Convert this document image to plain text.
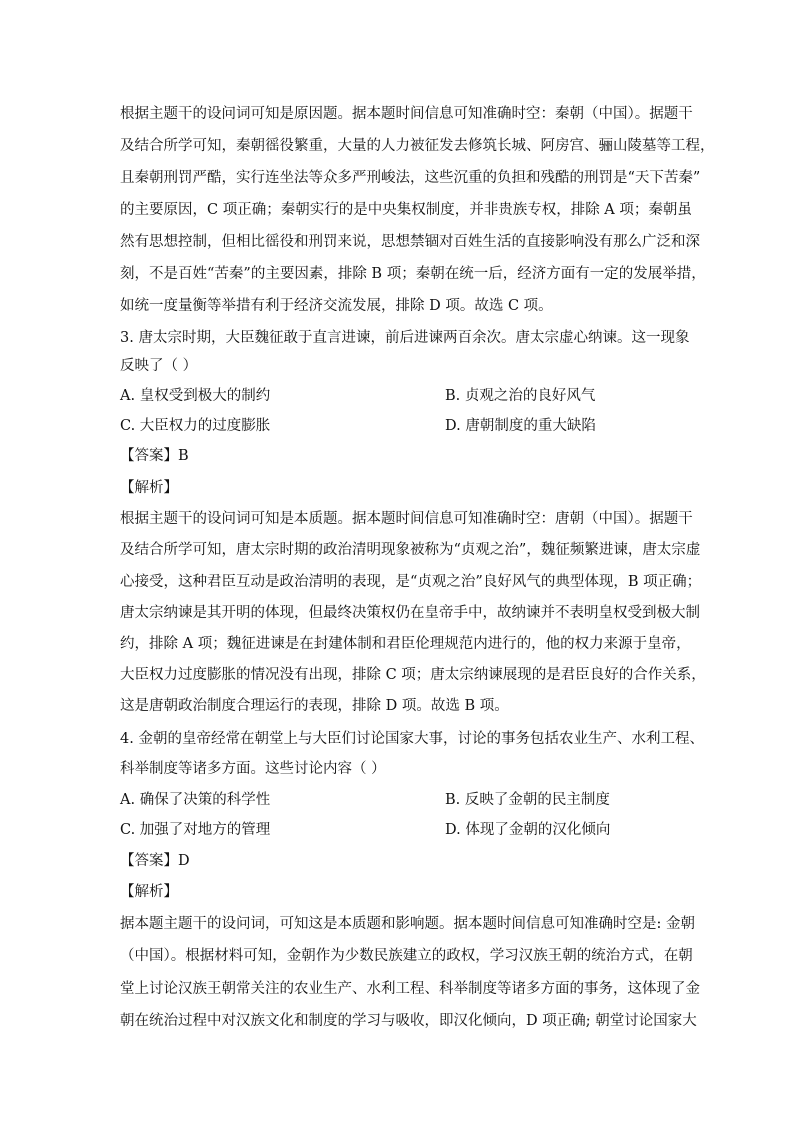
根据主题干的设问词可知是原因题。据本题时间信息可知准确时空：秦朝（中国）。据题干
及结合所学可知，秦朝徭役繁重，大量的人力被征发去修筑长城、阿房宫、骊山陵墓等工程，
且秦朝刑罚严酷，实行连坐法等众多严刑峻法，这些沉重的负担和残酷的刑罚是“天下苦秦”
的主要原因，C 项正确；秦朝实行的是中央集权制度，并非贵族专权，排除 A 项；秦朝虽
然有思想控制，但相比徭役和刑罚来说，思想禁锢对百姓生活的直接影响没有那么广泛和深
刻，不是百姓“苦秦”的主要因素，排除 B 项；秦朝在统一后，经济方面有一定的发展举措，
如统一度量衡等举措有利于经济交流发展，排除 D 项。故选 C 项。
3. 唐太宗时期，大臣魏征敢于直言进谏，前后进谏两百余次。唐太宗虚心纳谏。这一现象
反映了（ ）
A. 皇权受到极大的制约	B. 贞观之治的良好风气
C. 大臣权力的过度膨胀	D. 唐朝制度的重大缺陷
【答案】B
【解析】
根据主题干的设问词可知是本质题。据本题时间信息可知准确时空：唐朝（中国）。据题干
及结合所学可知，唐太宗时期的政治清明现象被称为“贞观之治”，魏征频繁进谏，唐太宗虚
心接受，这种君臣互动是政治清明的表现，是“贞观之治”良好风气的典型体现，B 项正确；
唐太宗纳谏是其开明的体现，但最终决策权仍在皇帝手中，故纳谏并不表明皇权受到极大制
约，排除 A 项；魏征进谏是在封建体制和君臣伦理规范内进行的，他的权力来源于皇帝，
大臣权力过度膨胀的情况没有出现，排除 C 项；唐太宗纳谏展现的是君臣良好的合作关系，
这是唐朝政治制度合理运行的表现，排除 D 项。故选 B 项。
4. 金朝的皇帝经常在朝堂上与大臣们讨论国家大事，讨论的事务包括农业生产、水利工程、
科举制度等诸多方面。这些讨论内容（ ）
A. 确保了决策的科学性	B. 反映了金朝的民主制度
C. 加强了对地方的管理	D. 体现了金朝的汉化倾向
【答案】D
【解析】
据本题主题干的设问词，可知这是本质题和影响题。据本题时间信息可知准确时空是: 金朝
（中国）。根据材料可知，金朝作为少数民族建立的政权，学习汉族王朝的统治方式，在朝
堂上讨论汉族王朝常关注的农业生产、水利工程、科举制度等诸多方面的事务，这体现了金
朝在统治过程中对汉族文化和制度的学习与吸收，即汉化倾向，D 项正确; 朝堂讨论国家大
